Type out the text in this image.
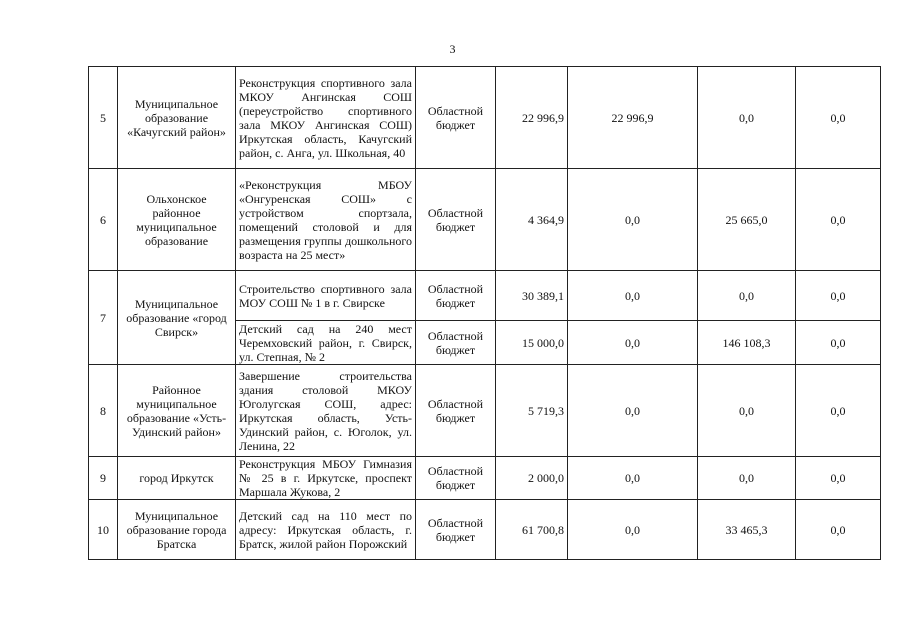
3
5	Муниципальное образование «Качугский район»	Реконструкция спортивного зала МКОУ Ангинская СОШ (переустройство спортивного зала МКОУ Ангинская СОШ) Иркутская область, Качугский район, с. Анга, ул. Школьная, 40	Областной бюджет	22 996,9	22 996,9	0,0	0,0
6	Ольхонское районное муниципальное образование	«Реконструкция МБОУ «Онгуренская СОШ» с устройством спортзала, помещений столовой и для размещения группы дошкольного возраста на 25 мест»	Областной бюджет	4 364,9	0,0	25 665,0	0,0
7	Муниципальное образование «город Свирск»	Строительство спортивного зала МОУ СОШ № 1 в г. Свирске	Областной бюджет	30 389,1	0,0	0,0	0,0
		Детский сад на 240 мест Черемховский район, г. Свирск, ул. Степная, № 2	Областной бюджет	15 000,0	0,0	146 108,3	0,0
8	Районное муниципальное образование «Усть-Удинский район»	Завершение строительства здания столовой МКОУ Юголугская СОШ, адрес: Иркутская область, Усть-Удинский район, с. Юголок, ул. Ленина, 22	Областной бюджет	5 719,3	0,0	0,0	0,0
9	город Иркутск	Реконструкция МБОУ Гимназия № 25 в г. Иркутске, проспект Маршала Жукова, 2	Областной бюджет	2 000,0	0,0	0,0	0,0
10	Муниципальное образование города Братска	Детский сад на 110 мест по адресу: Иркутская область, г. Братск, жилой район Порожский	Областной бюджет	61 700,8	0,0	33 465,3	0,0
